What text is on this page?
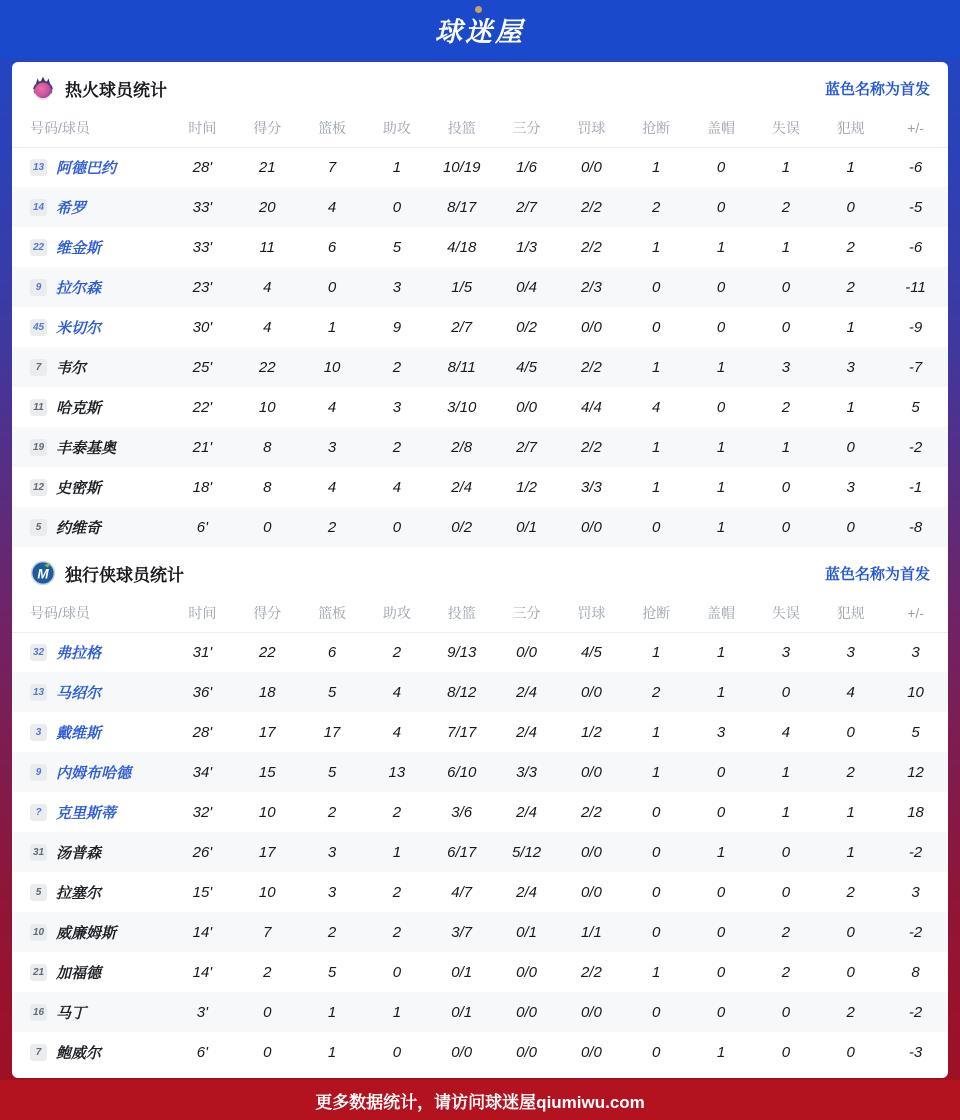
球迷屋
热火球员统计	蓝色名称为首发
号码/球员	时间	得分	篮板	助攻	投篮	三分	罚球	抢断	盖帽	失误	犯规	+/-

13 阿德巴约	28'	21	7	1	10/19	1/6	0/0	1	0	1	1	-6

14 希罗	33'	20	4	0	8/17	2/7	2/2	2	0	2	0	-5

22 维金斯	33'	11	6	5	4/18	1/3	2/2	1	1	1	2	-6

9 拉尔森	23'	4	0	3	1/5	0/4	2/3	0	0	0	2	-11

45 米切尔	30'	4	1	9	2/7	0/2	0/0	0	0	0	1	-9

7 韦尔	25'	22	10	2	8/11	4/5	2/2	1	1	3	3	-7

11 哈克斯	22'	10	4	3	3/10	0/0	4/4	4	0	2	1	5

19 丰泰基奥	21'	8	3	2	2/8	2/7	2/2	1	1	1	0	-2

12 史密斯	18'	8	4	4	2/4	1/2	3/3	1	1	0	3	-1

5 约维奇	6'	0	2	0	0/2	0/1	0/0	0	1	0	0	-8
M 独行侠球员统计	蓝色名称为首发
号码/球员	时间	得分	篮板	助攻	投篮	三分	罚球	抢断	盖帽	失误	犯规	+/-

32 弗拉格	31'	22	6	2	9/13	0/0	4/5	1	1	3	3	3

13 马绍尔	36'	18	5	4	8/12	2/4	0/0	2	1	0	4	10

3 戴维斯	28'	17	17	4	7/17	2/4	1/2	1	3	4	0	5

9 内姆布哈德	34'	15	5	13	6/10	3/3	0/0	1	0	1	2	12

? 克里斯蒂	32'	10	2	2	3/6	2/4	2/2	0	0	1	1	18

31 汤普森	26'	17	3	1	6/17	5/12	0/0	0	1	0	1	-2

5 拉塞尔	15'	10	3	2	4/7	2/4	0/0	0	0	0	2	3

10 威廉姆斯	14'	7	2	2	3/7	0/1	1/1	0	0	2	0	-2

21 加福德	14'	2	5	0	0/1	0/0	2/2	1	0	2	0	8

16 马丁	3'	0	1	1	0/1	0/0	0/0	0	0	0	2	-2

7 鲍威尔	6'	0	1	0	0/0	0/0	0/0	0	1	0	0	-3
更多数据统计，请访问球迷屋qiumiwu.com
